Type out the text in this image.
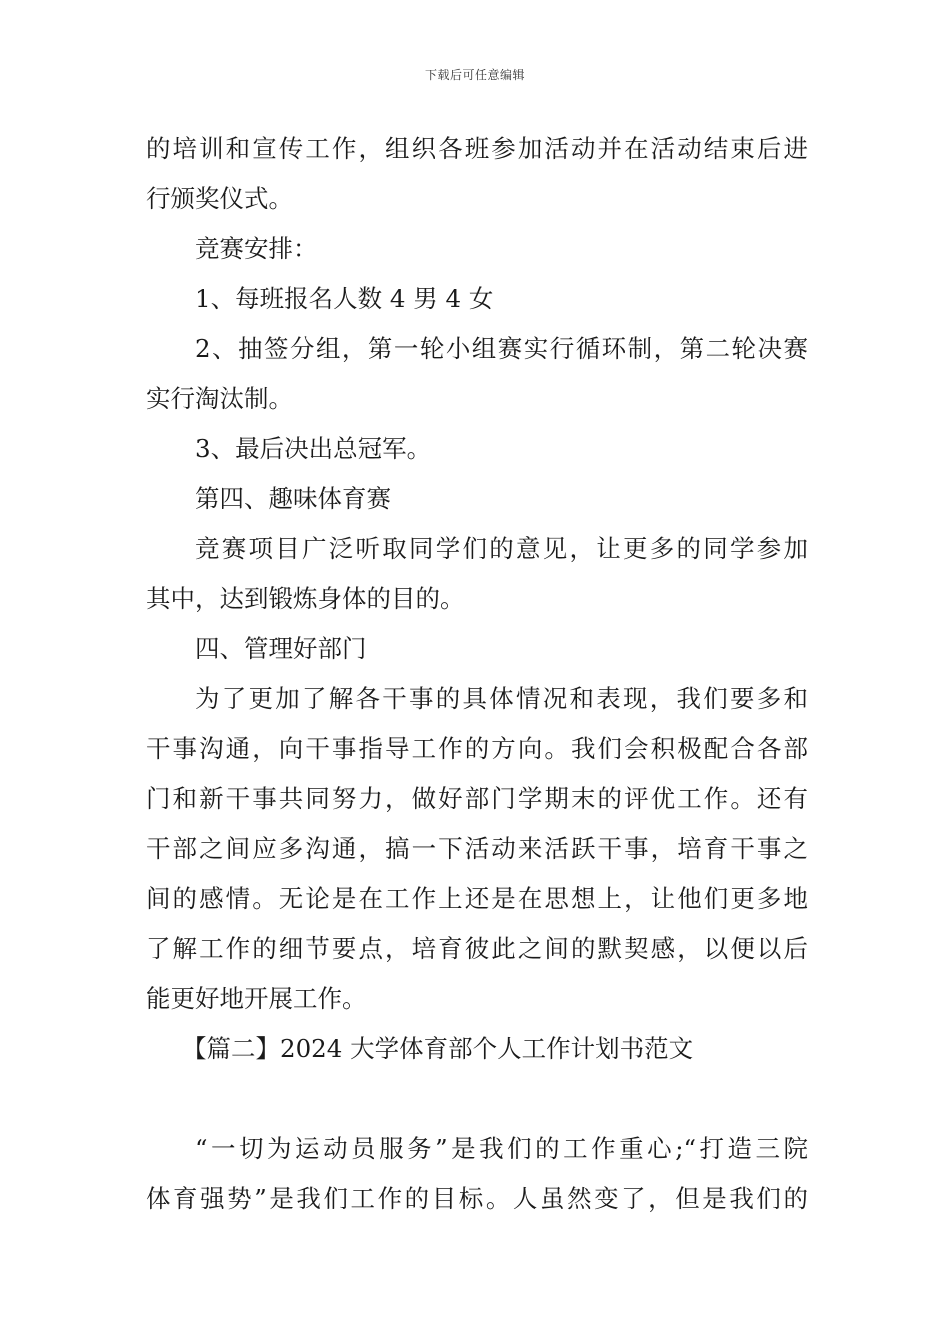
下载后可任意编辑
的培训和宣传工作，组织各班参加活动并在活动结束后进
行颁奖仪式。
竞赛安排：
1、每班报名人数 4 男 4 女
2、抽签分组，第一轮小组赛实行循环制，第二轮决赛
实行淘汰制。
3、最后决出总冠军。
第四、趣味体育赛
竞赛项目广泛听取同学们的意见，让更多的同学参加
其中，达到锻炼身体的目的。
四、管理好部门
为了更加了解各干事的具体情况和表现，我们要多和
干事沟通，向干事指导工作的方向。我们会积极配合各部
门和新干事共同努力，做好部门学期末的评优工作。还有
干部之间应多沟通，搞一下活动来活跃干事，培育干事之
间的感情。无论是在工作上还是在思想上，让他们更多地
了解工作的细节要点，培育彼此之间的默契感，以便以后
能更好地开展工作。
【篇二】2024 大学体育部个人工作计划书范文
“一切为运动员服务”是我们的工作重心;“打造三院
体育强势”是我们工作的目标。人虽然变了，但是我们的
